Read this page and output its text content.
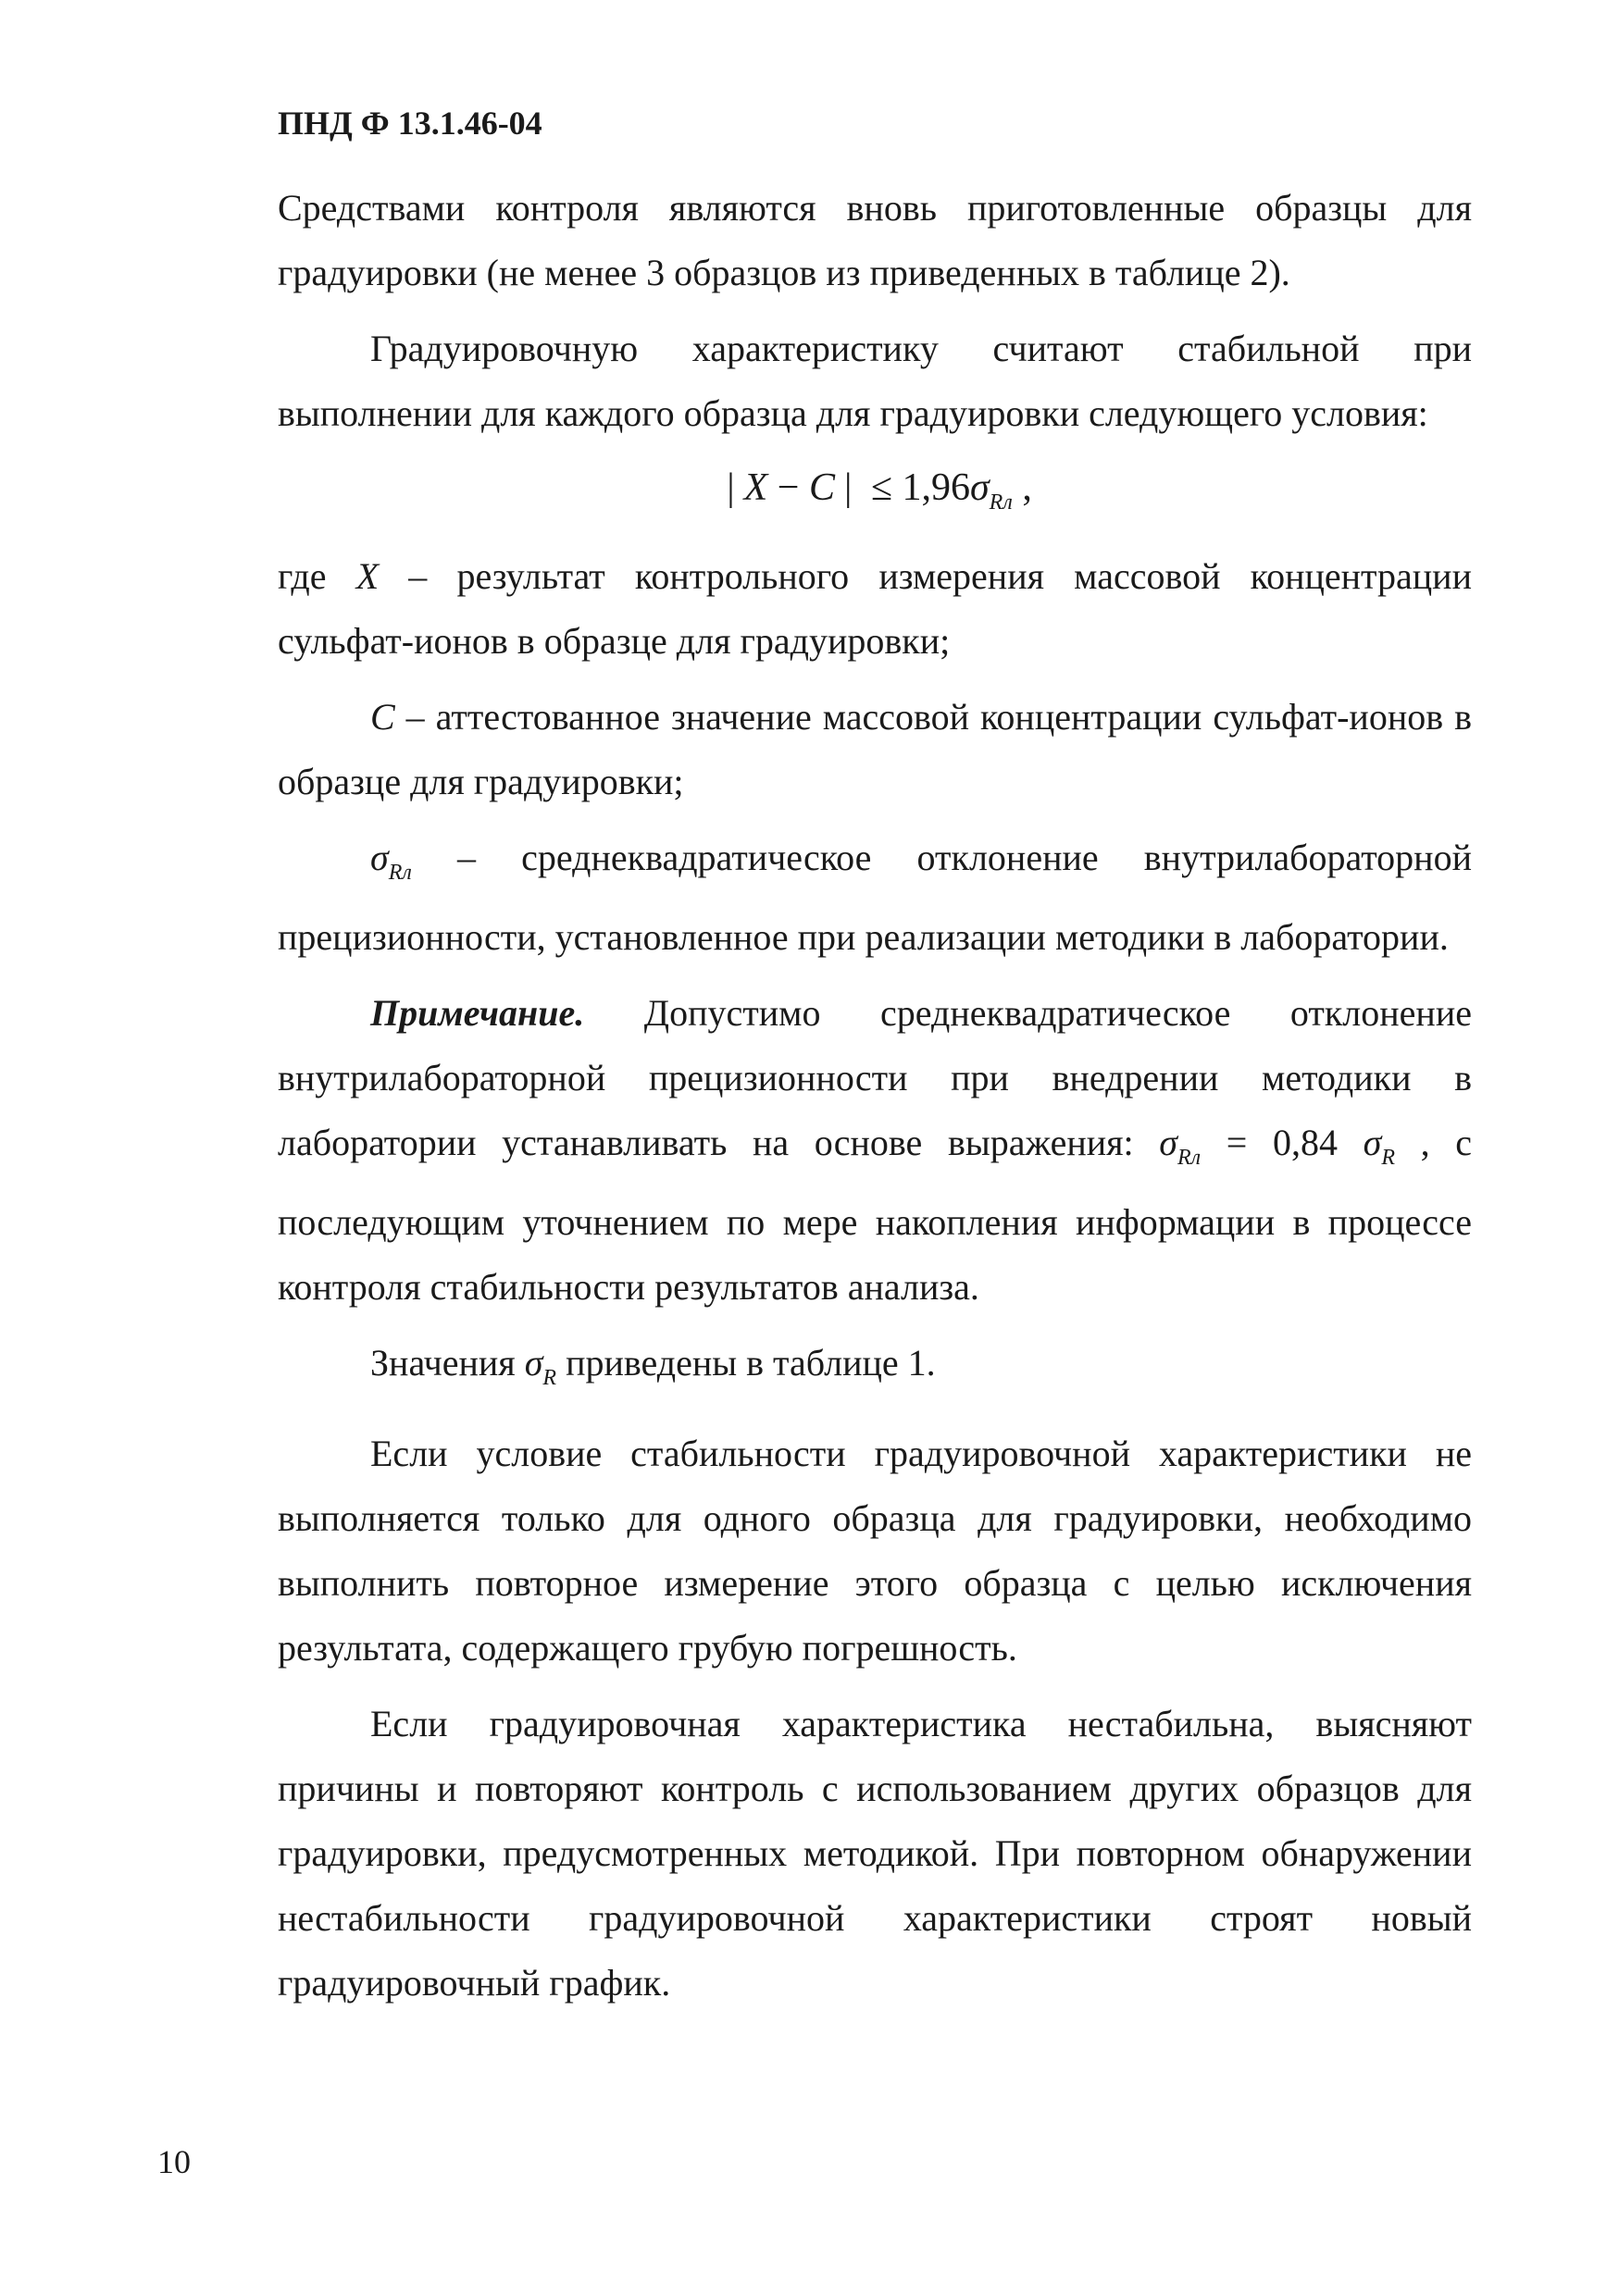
ПНД Ф 13.1.46-04

Средствами контроля являются вновь приготовленные образцы для градуировки (не менее 3 образцов из приведенных в таблице 2).

Градуировочную характеристику считают стабильной при выполнении для каждого образца для градуировки следующего условия:

| X − C | ≤ $1,96\sigma_{Rл}$ ,

где X – результат контрольного измерения массовой концентрации сульфат-ионов в образце для градуировки;

C – аттестованное значение массовой концентрации сульфат-ионов в образце для градуировки;

$\sigma_{Rл}$ – среднеквадратическое отклонение внутрилабораторной прецизионности, установленное при реализации методики в лаборатории.

Примечание. Допустимо среднеквадратическое отклонение внутрилабораторной прецизионности при внедрении методики в лаборатории устанавливать на основе выражения: $\sigma_{Rл} = 0,84$ $\sigma_R$ , с последующим уточнением по мере накопления информации в процессе контроля стабильности результатов анализа.

Значения $\sigma_R$ приведены в таблице 1.

Если условие стабильности градуировочной характеристики не выполняется только для одного образца для градуировки, необходимо выполнить повторное измерение этого образца с целью исключения результата, содержащего грубую погрешность.

Если градуировочная характеристика нестабильна, выясняют причины и повторяют контроль с использованием других образцов для градуировки, предусмотренных методикой. При повторном обнаружении нестабильности градуировочной характеристики строят новый градуировочный график.

10
